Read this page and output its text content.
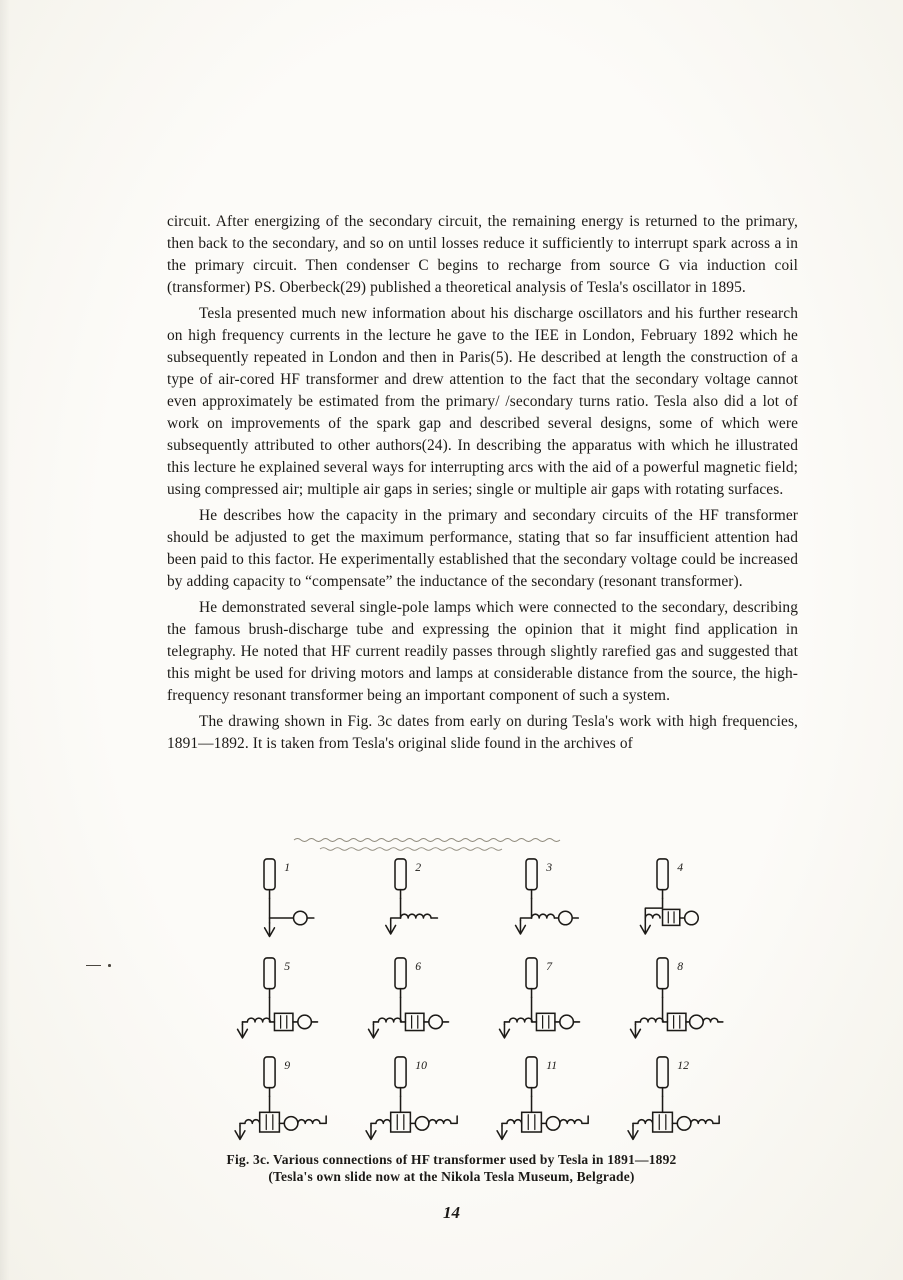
circuit. After energizing of the secondary circuit, the remaining energy is returned to the primary, then back to the secondary, and so on until losses reduce it sufficiently to interrupt spark across a in the primary circuit. Then condenser C begins to recharge from source G via induction coil (transformer) PS. Oberbeck(29) published a theoretical analysis of Tesla's oscillator in 1895.

Tesla presented much new information about his discharge oscillators and his further research on high frequency currents in the lecture he gave to the IEE in London, February 1892 which he subsequently repeated in London and then in Paris(5). He described at length the construction of a type of air-cored HF transformer and drew attention to the fact that the secondary voltage cannot even approximately be estimated from the primary/ /secondary turns ratio. Tesla also did a lot of work on improvements of the spark gap and described several designs, some of which were subsequently attributed to other authors(24). In describing the apparatus with which he illustrated this lecture he explained several ways for interrupting arcs with the aid of a powerful magnetic field; using compressed air; multiple air gaps in series; single or multiple air gaps with rotating surfaces.

He describes how the capacity in the primary and secondary circuits of the HF transformer should be adjusted to get the maximum performance, stating that so far insufficient attention had been paid to this factor. He experimentally established that the secondary voltage could be increased by adding capacity to “compensate” the inductance of the secondary (resonant transformer).

He demonstrated several single-pole lamps which were connected to the secondary, describing the famous brush-discharge tube and expressing the opinion that it might find application in telegraphy. He noted that HF current readily passes through slightly rarefied gas and suggested that this might be used for driving motors and lamps at considerable distance from the source, the high-frequency resonant transformer being an important component of such a system.

The drawing shown in Fig. 3c dates from early on during Tesla's work with high frequencies, 1891—1892. It is taken from Tesla's original slide found in the archives of

1	2	3	4
5	6	7	8
9	10	11	12
Fig. 3c. Various connections of HF transformer used by Tesla in 1891—1892
(Tesla's own slide now at the Nikola Tesla Museum, Belgrade)
14
